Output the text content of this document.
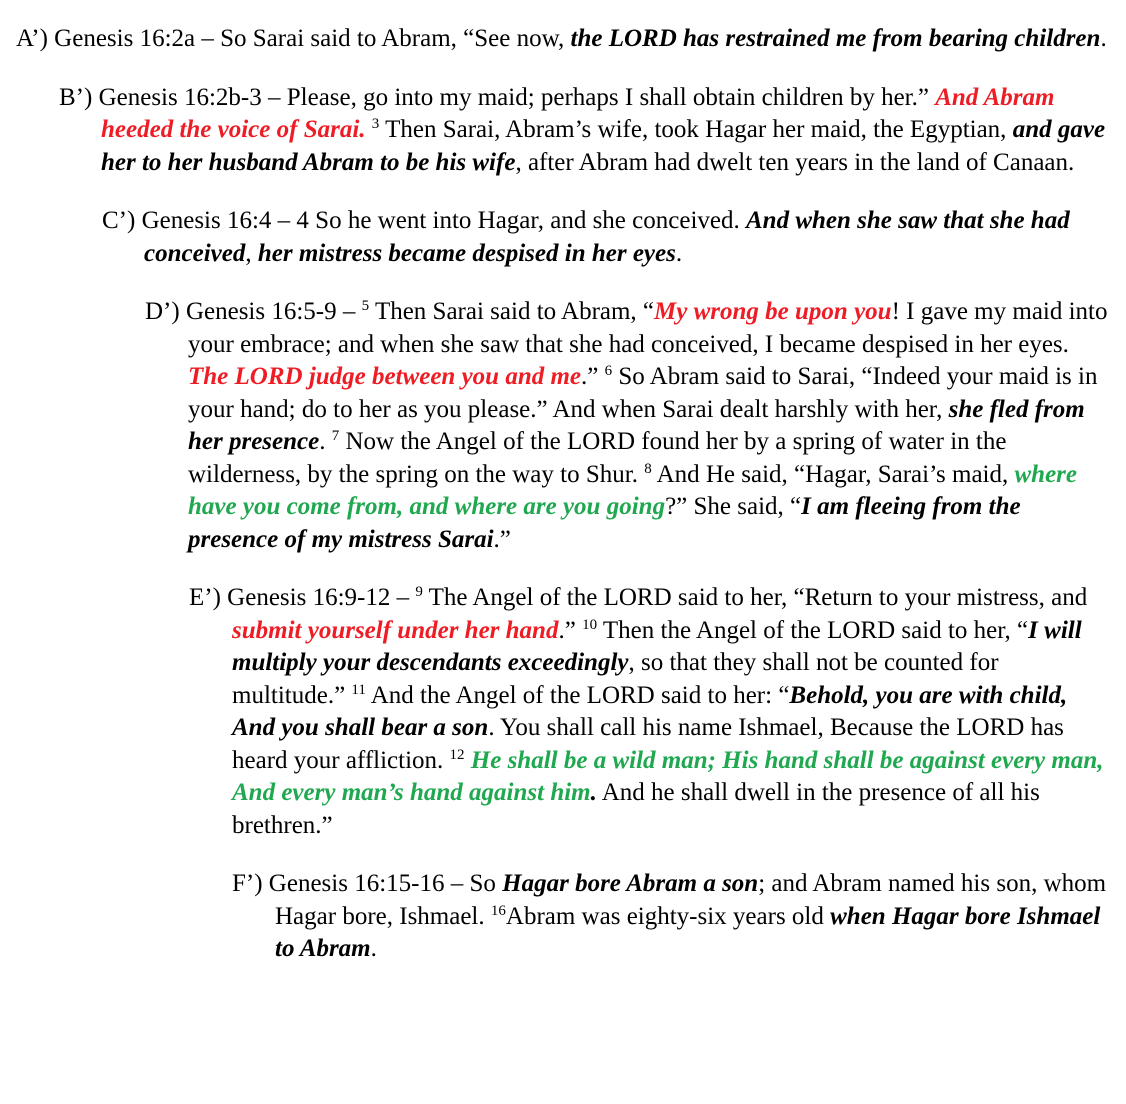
A’) Genesis 16:2a – So Sarai said to Abram, “See now, the LORD has restrained me from bearing children.

B’) Genesis 16:2b-3 – Please, go into my maid; perhaps I shall obtain children by her.” And Abram heeded the voice of Sarai. $^3$ Then Sarai, Abram’s wife, took Hagar her maid, the Egyptian, and gave her to her husband Abram to be his wife, after Abram had dwelt ten years in the land of Canaan.

C’) Genesis 16:4 – 4 So he went into Hagar, and she conceived. And when she saw that she had conceived, her mistress became despised in her eyes.

D’) Genesis 16:5-9 – $^5$ Then Sarai said to Abram, “My wrong be upon you! I gave my maid into your embrace; and when she saw that she had conceived, I became despised in her eyes. The LORD judge between you and me.” $^6$ So Abram said to Sarai, “Indeed your maid is in your hand; do to her as you please.” And when Sarai dealt harshly with her, she fled from her presence. $^7$ Now the Angel of the LORD found her by a spring of water in the wilderness, by the spring on the way to Shur. $^8$ And He said, “Hagar, Sarai’s maid, where have you come from, and where are you going?” She said, “I am fleeing from the presence of my mistress Sarai.”

E’) Genesis 16:9-12 – $^9$ The Angel of the LORD said to her, “Return to your mistress, and submit yourself under her hand.” $^{10}$ Then the Angel of the LORD said to her, “I will multiply your descendants exceedingly, so that they shall not be counted for multitude.” $^{11}$ And the Angel of the LORD said to her: “Behold, you are with child, And you shall bear a son. You shall call his name Ishmael, Because the LORD has heard your affliction. $^{12}$ He shall be a wild man; His hand shall be against every man, And every man’s hand against him. And he shall dwell in the presence of all his brethren.”

F’) Genesis 16:15-16 – So Hagar bore Abram a son; and Abram named his son, whom Hagar bore, Ishmael. $^{16}$Abram was eighty-six years old when Hagar bore Ishmael to Abram.
